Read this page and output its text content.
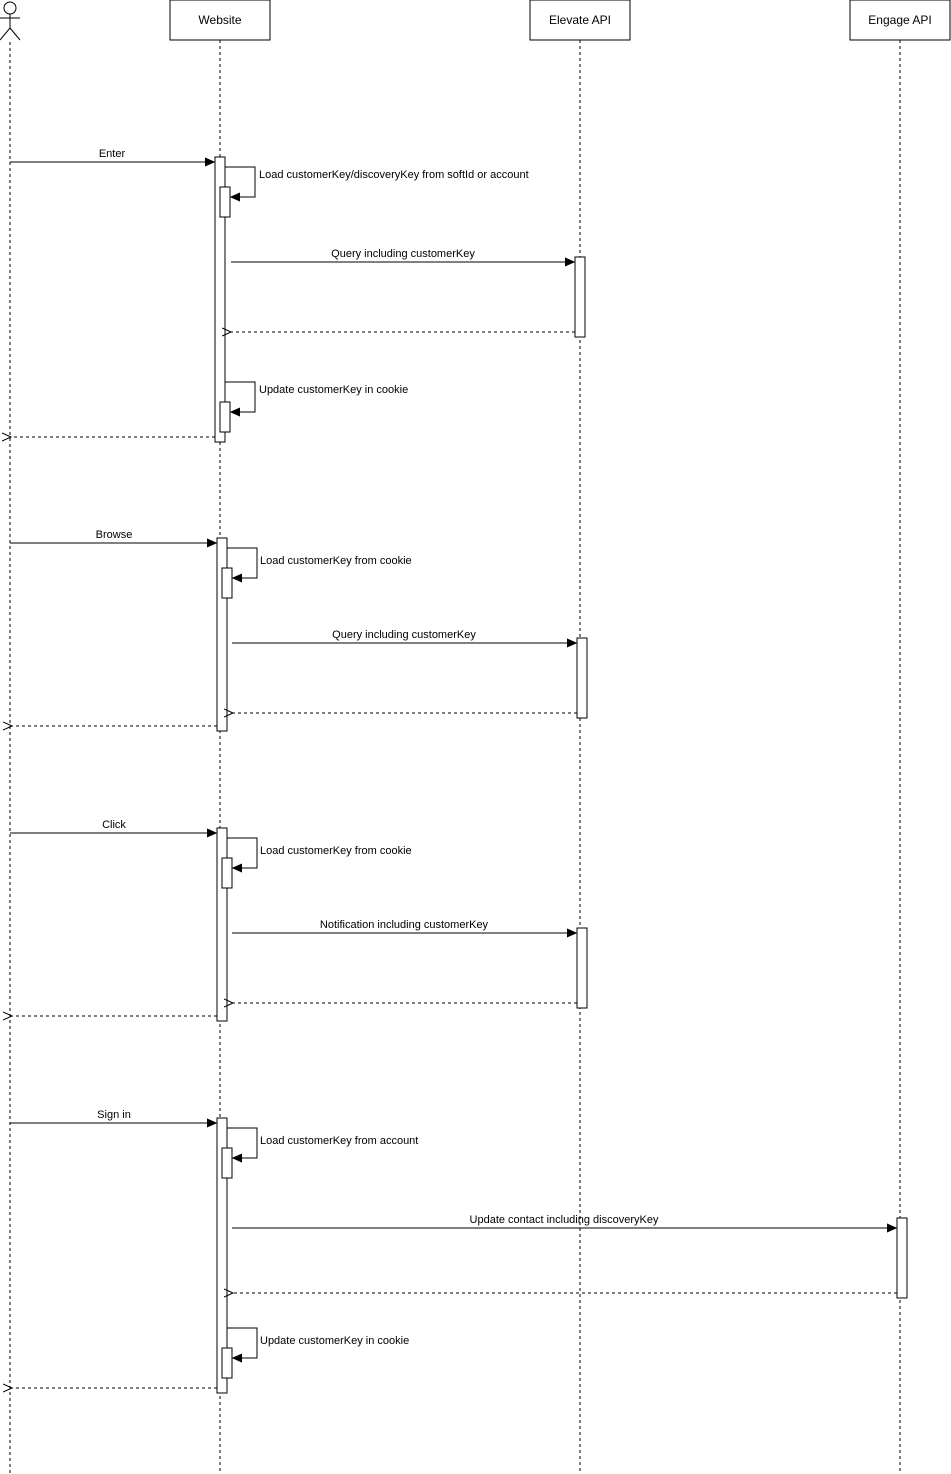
Website	Elevate API	Engage API
Enter
Load customerKey/discoveryKey from softId or account
Query including customerKey
Update customerKey in cookie
Browse
Load customerKey from cookie
Query including customerKey
Click
Load customerKey from cookie
Notification including customerKey
Sign in
Load customerKey from account
Update contact including discoveryKey
Update customerKey in cookie
